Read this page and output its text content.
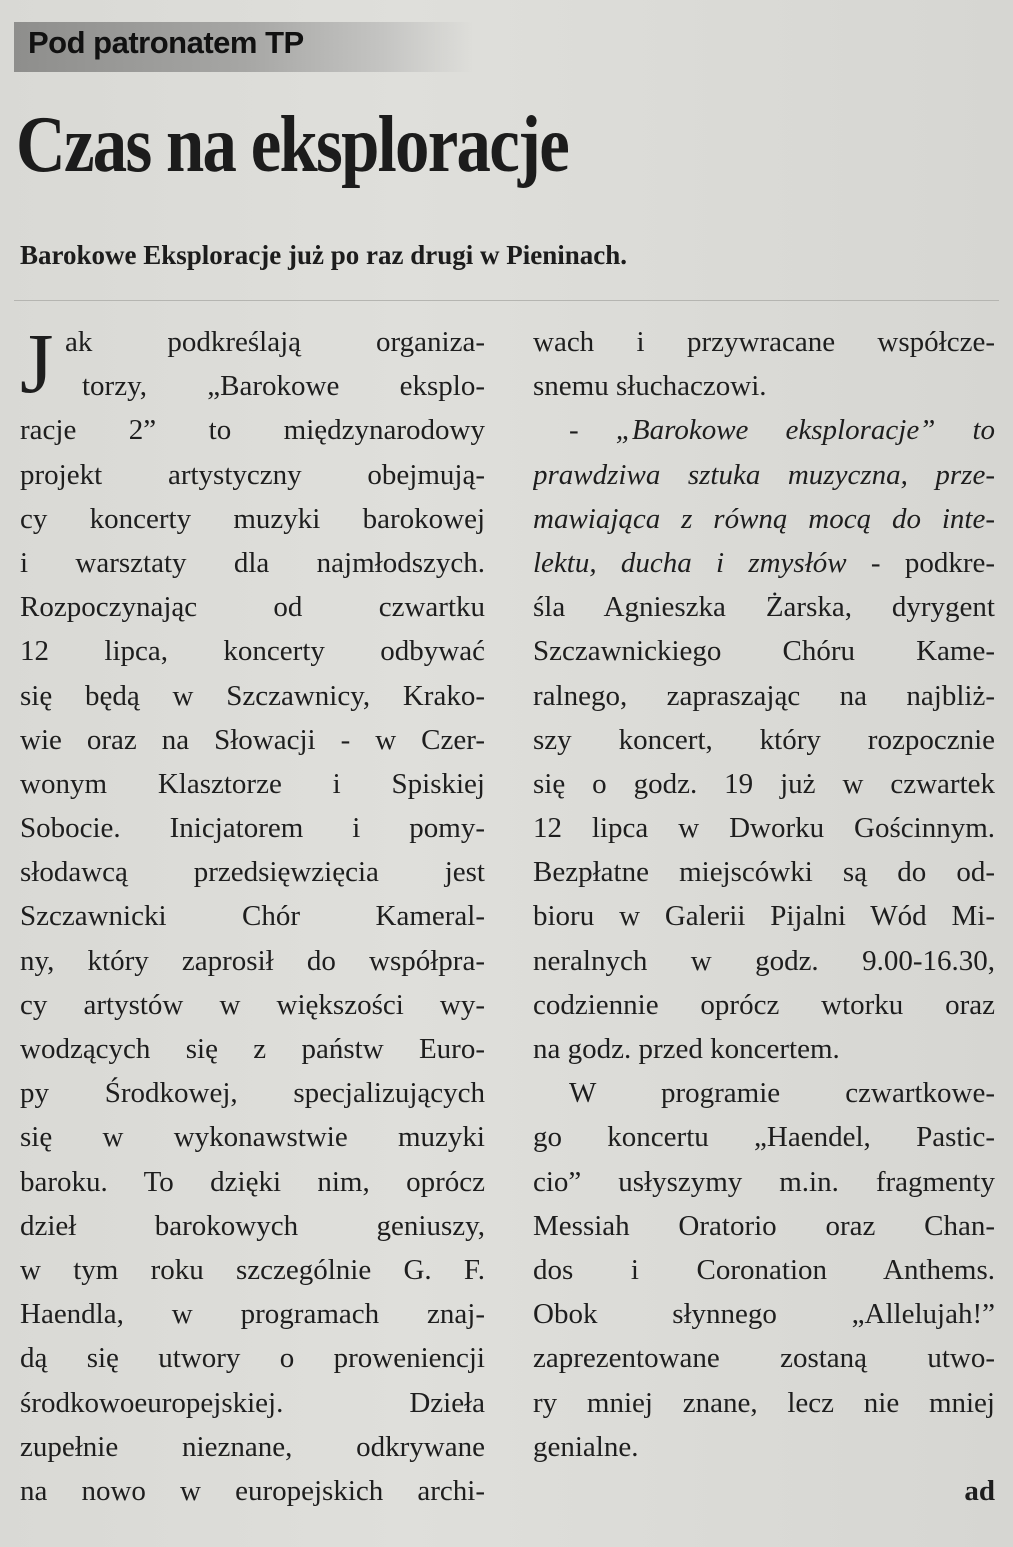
Pod patronatem TP
Czas na eksploracje

Barokowe Eksploracje już po raz drugi w Pieninach.

J ak podkreślają organiza-
torzy, „Barokowe eksplo-
racje 2” to międzynarodowy
projekt artystyczny obejmują-
cy koncerty muzyki barokowej
i warsztaty dla najmłodszych.
Rozpoczynając od czwartku
12 lipca, koncerty odbywać
się będą w Szczawnicy, Krako-
wie oraz na Słowacji - w Czer-
wonym Klasztorze i Spiskiej
Sobocie. Inicjatorem i pomy-
słodawcą przedsięwzięcia jest
Szczawnicki Chór Kameral-
ny, który zaprosił do współpra-
cy artystów w większości wy-
wodzących się z państw Euro-
py Środkowej, specjalizujących
się w wykonawstwie muzyki
baroku. To dzięki nim, oprócz
dzieł barokowych geniuszy,
w tym roku szczególnie G. F.
Haendla, w programach znaj-
dą się utwory o proweniencji
środkowoeuropejskiej. Dzieła
zupełnie nieznane, odkrywane
na nowo w europejskich archi-
wach i przywracane współcze-
snemu słuchaczowi.
- „Barokowe eksploracje” to
prawdziwa sztuka muzyczna, prze-
mawiająca z równą mocą do inte-
lektu, ducha i zmysłów - podkre-
śla Agnieszka Żarska, dyrygent
Szczawnickiego Chóru Kame-
ralnego, zapraszając na najbliż-
szy koncert, który rozpocznie
się o godz. 19 już w czwartek
12 lipca w Dworku Gościnnym.
Bezpłatne miejscówki są do od-
bioru w Galerii Pijalni Wód Mi-
neralnych w godz. 9.00-16.30,
codziennie oprócz wtorku oraz
na godz. przed koncertem.
W programie czwartkowe-
go koncertu „Haendel, Pastic-
cio” usłyszymy m.in. fragmenty
Messiah Oratorio oraz Chan-
dos i Coronation Anthems.
Obok słynnego „Allelujah!”
zaprezentowane zostaną utwo-
ry mniej znane, lecz nie mniej
genialne.
ad
